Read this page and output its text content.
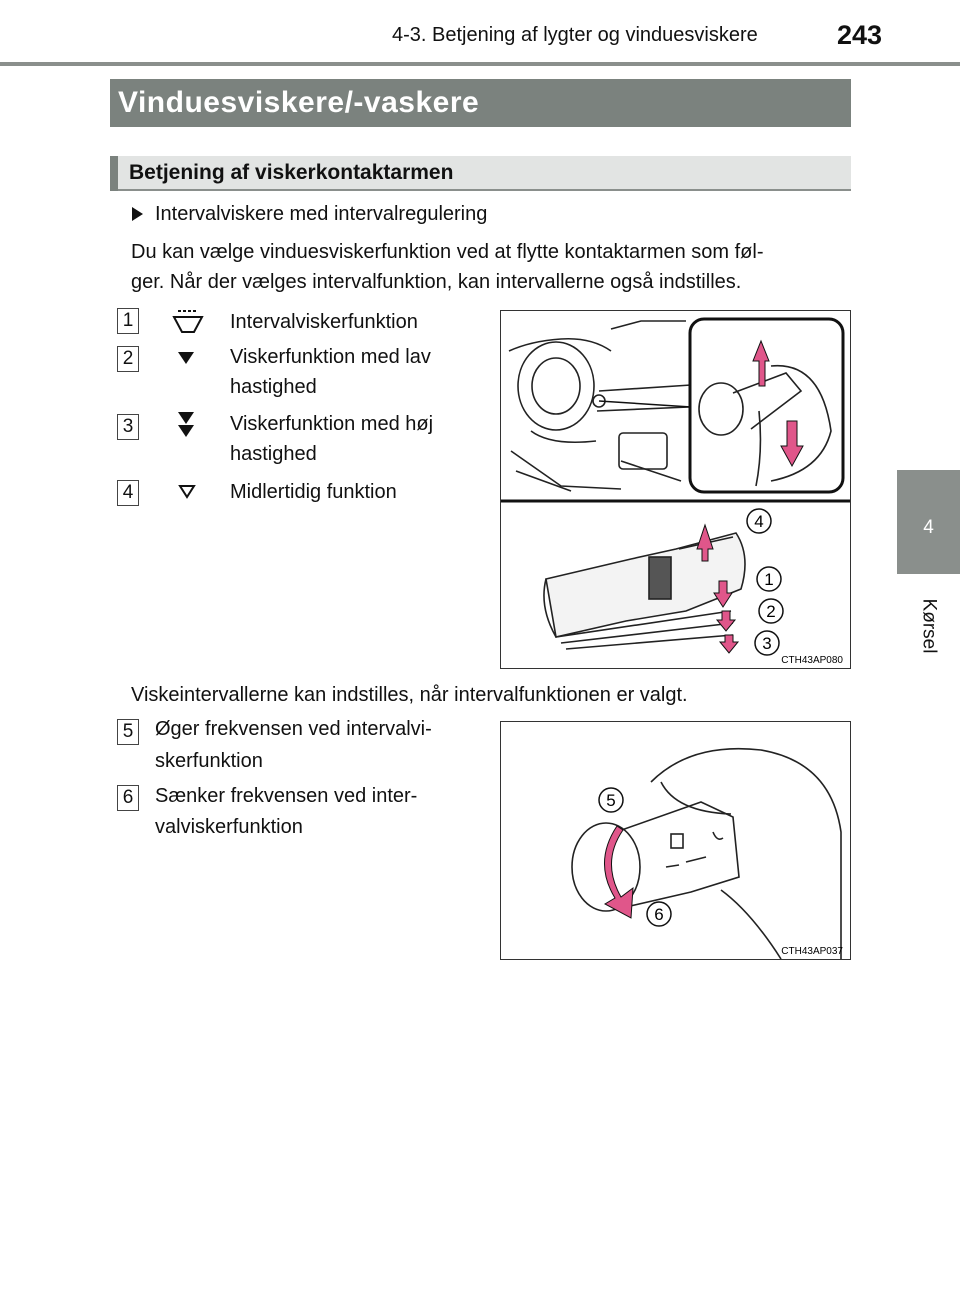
4-3. Betjening af lygter og vinduesviskere	243
4
Kørsel
Vinduesviskere/-vaskere
Betjening af viskerkontaktarmen
Intervalviskere med intervalregulering
Du kan vælge vinduesviskerfunktion ved at flytte kontaktarmen som føl-
ger. Når der vælges intervalfunktion, kan intervallerne også indstilles.
1	Intervalviskerfunktion
2	Viskerfunktion med lav
hastighed
3	Viskerfunktion med høj
hastighed
4	Midlertidig funktion
4
1
2
3
CTH43AP080
Viskeintervallerne kan indstilles, når intervalfunktionen er valgt.
5 Øger frekvensen ved intervalvi-
skerfunktion
6 Sænker frekvensen ved inter-
valviskerfunktion
5
6
CTH43AP037
